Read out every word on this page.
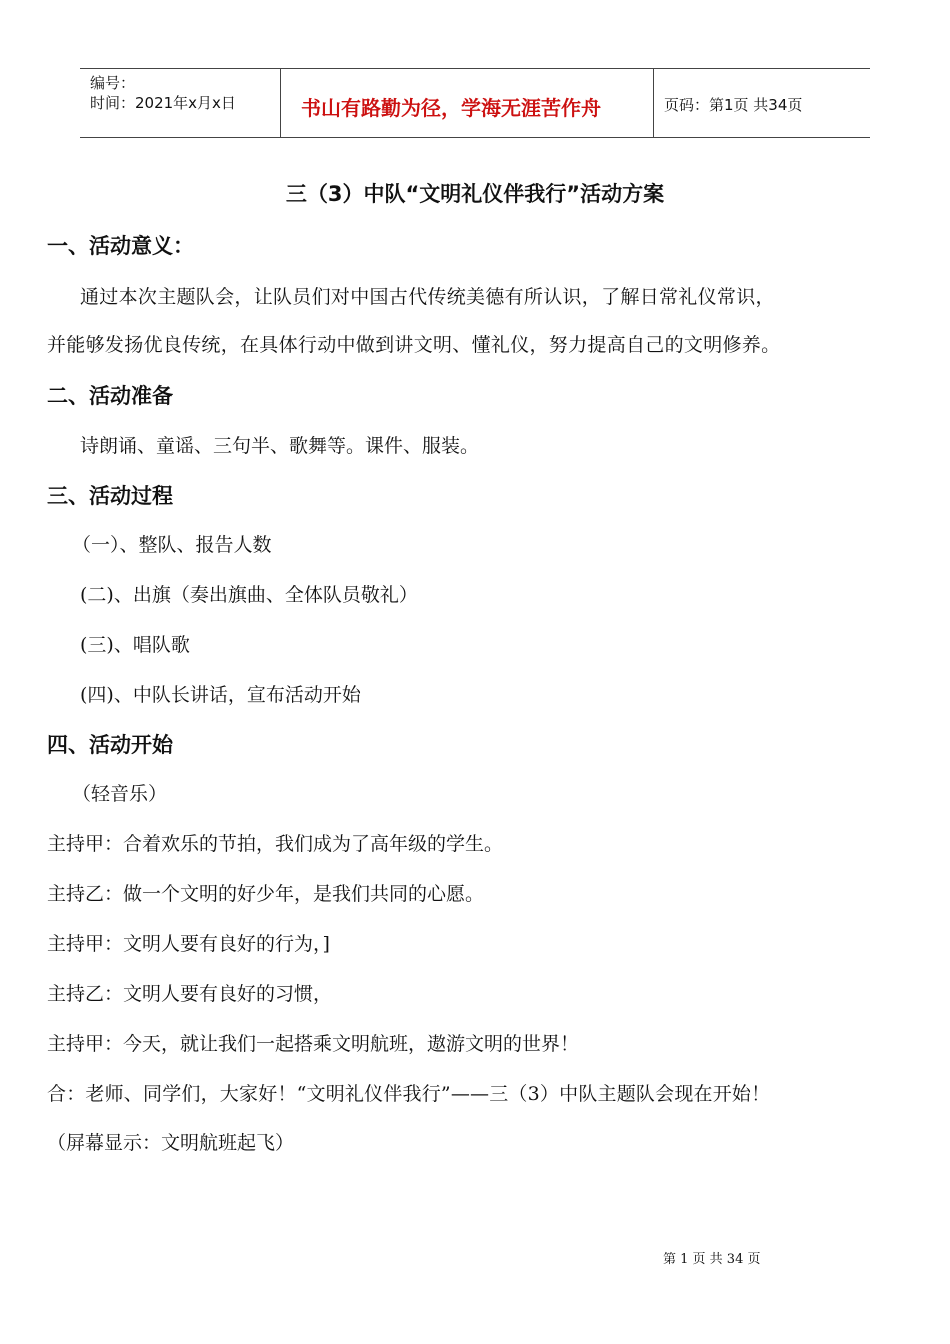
编号：
时间：2021年x月x日	书山有路勤为径，学海无涯苦作舟	页码：第1页 共34页
三（3）中队“文明礼仪伴我行”活动方案
一、活动意义：
通过本次主题队会，让队员们对中国古代传统美德有所认识，了解日常礼仪常识，
并能够发扬优良传统，在具体行动中做到讲文明、懂礼仪，努力提高自己的文明修养。
二、活动准备
诗朗诵、童谣、三句半、歌舞等。课件、服装。
三、活动过程
（一）、整队、报告人数
(二)、出旗（奏出旗曲、全体队员敬礼）
(三)、唱队歌
(四)、中队长讲话，宣布活动开始
四、活动开始
（轻音乐）
主持甲：合着欢乐的节拍，我们成为了高年级的学生。
主持乙：做一个文明的好少年，是我们共同的心愿。
主持甲：文明人要有良好的行为，]
主持乙：文明人要有良好的习惯，
主持甲：今天，就让我们一起搭乘文明航班，遨游文明的世界！
合：老师、同学们，大家好！“文明礼仪伴我行”——三（3）中队主题队会现在开始！
（屏幕显示：文明航班起飞）
第 1 页 共 34 页
